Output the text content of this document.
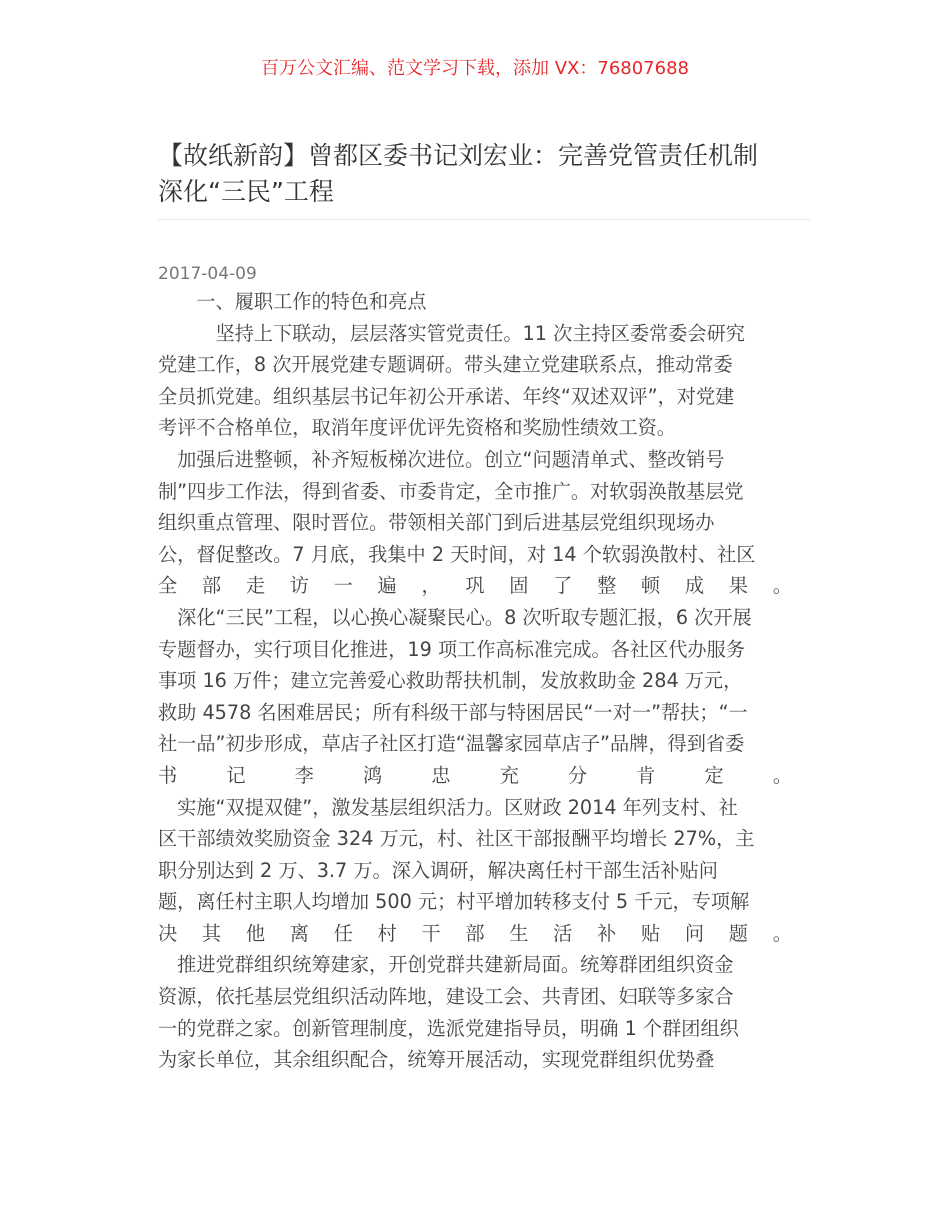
百万公文汇编、范文学习下载，添加 VX：76807688
【故纸新韵】曾都区委书记刘宏业：完善党管责任机制
深化“三民”工程
2017-04-09
　　一、履职工作的特色和亮点
　　　坚持上下联动，层层落实管党责任。11 次主持区委常委会研究
党建工作，8 次开展党建专题调研。带头建立党建联系点，推动常委
全员抓党建。组织基层书记年初公开承诺、年终“双述双评”，对党建
考评不合格单位，取消年度评优评先资格和奖励性绩效工资。
　加强后进整顿，补齐短板梯次进位。创立“问题清单式、整改销号
制”四步工作法，得到省委、市委肯定，全市推广。对软弱涣散基层党
组织重点管理、限时晋位。带领相关部门到后进基层党组织现场办
公，督促整改。7 月底，我集中 2 天时间，对 14 个软弱涣散村、社区
全 部 走 访 一 遍 ， 巩 固 了 整 顿 成 果 。
　深化“三民”工程，以心换心凝聚民心。8 次听取专题汇报，6 次开展
专题督办，实行项目化推进，19 项工作高标准完成。各社区代办服务
事项 16 万件；建立完善爱心救助帮扶机制，发放救助金 284 万元，
救助 4578 名困难居民；所有科级干部与特困居民“一对一”帮扶；“一
社一品”初步形成，草店子社区打造“温馨家园草店子”品牌，得到省委
书	记	李	鸿	忠	充	分	肯	定	。
　实施“双提双健”，激发基层组织活力。区财政 2014 年列支村、社
区干部绩效奖励资金 324 万元，村、社区干部报酬平均增长 27%，主
职分别达到 2 万、3.7 万。深入调研，解决离任村干部生活补贴问
题，离任村主职人均增加 500 元；村平增加转移支付 5 千元，专项解
决 其 他 离 任 村 干 部 生 活 补 贴 问 题 。
　推进党群组织统筹建家，开创党群共建新局面。统筹群团组织资金
资源，依托基层党组织活动阵地，建设工会、共青团、妇联等多家合
一的党群之家。创新管理制度，选派党建指导员，明确 1 个群团组织
为家长单位，其余组织配合，统筹开展活动，实现党群组织优势叠
